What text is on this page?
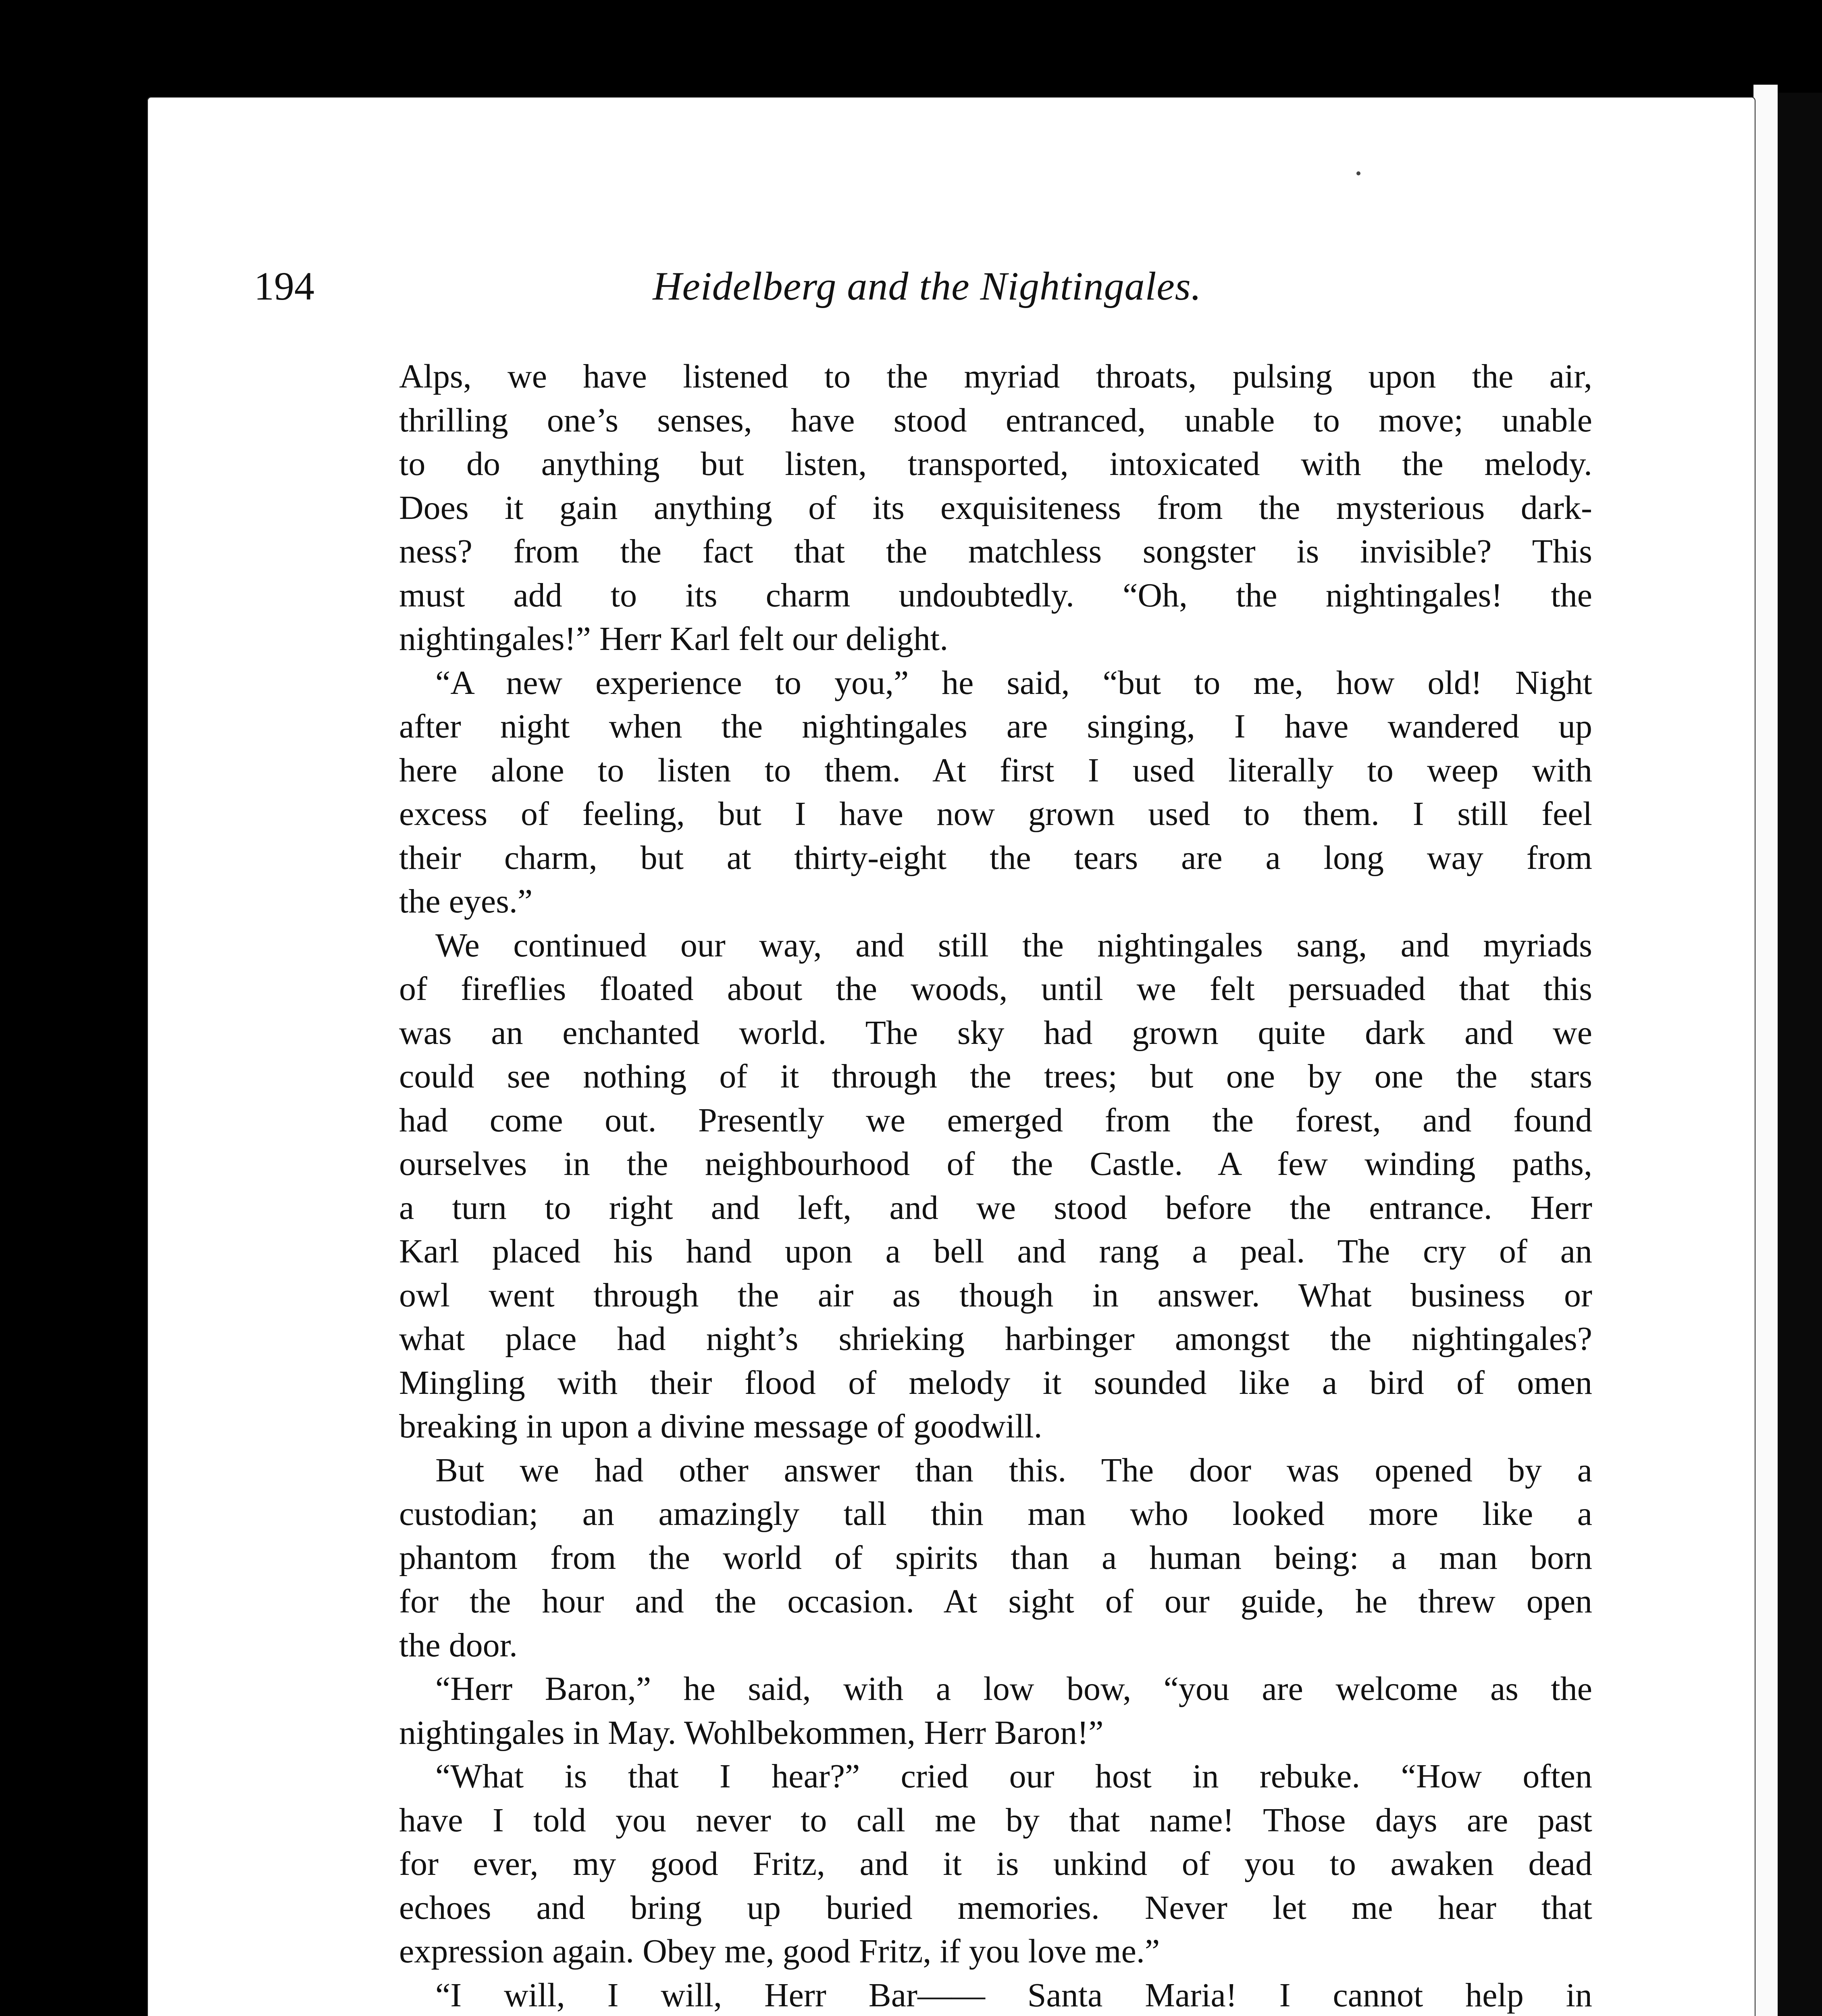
194	Heidelberg and the Nightingales.
Alps, we have listened to the myriad throats, pulsing upon the air,
thrilling one’s senses, have stood entranced, unable to move; unable
to do anything but listen, transported, intoxicated with the melody.
Does it gain anything of its exquisiteness from the mysterious dark-
ness? from the fact that the matchless songster is invisible? This
must add to its charm undoubtedly. “Oh, the nightingales! the
nightingales!” Herr Karl felt our delight.
“A new experience to you,” he said, “but to me, how old! Night
after night when the nightingales are singing, I have wandered up
here alone to listen to them. At first I used literally to weep with
excess of feeling, but I have now grown used to them. I still feel
their charm, but at thirty-eight the tears are a long way from
the eyes.”
We continued our way, and still the nightingales sang, and myriads
of fireflies floated about the woods, until we felt persuaded that this
was an enchanted world. The sky had grown quite dark and we
could see nothing of it through the trees; but one by one the stars
had come out. Presently we emerged from the forest, and found
ourselves in the neighbourhood of the Castle. A few winding paths,
a turn to right and left, and we stood before the entrance. Herr
Karl placed his hand upon a bell and rang a peal. The cry of an
owl went through the air as though in answer. What business or
what place had night’s shrieking harbinger amongst the nightingales?
Mingling with their flood of melody it sounded like a bird of omen
breaking in upon a divine message of goodwill.
But we had other answer than this. The door was opened by a
custodian; an amazingly tall thin man who looked more like a
phantom from the world of spirits than a human being: a man born
for the hour and the occasion. At sight of our guide, he threw open
the door.
“Herr Baron,” he said, with a low bow, “you are welcome as the
nightingales in May. Wohlbekommen, Herr Baron!”
“What is that I hear?” cried our host in rebuke. “How often
have I told you never to call me by that name! Those days are past
for ever, my good Fritz, and it is unkind of you to awaken dead
echoes and bring up buried memories. Never let me hear that
expression again. Obey me, good Fritz, if you love me.”
“I will, I will, Herr Bar—— Santa Maria! I cannot help in
